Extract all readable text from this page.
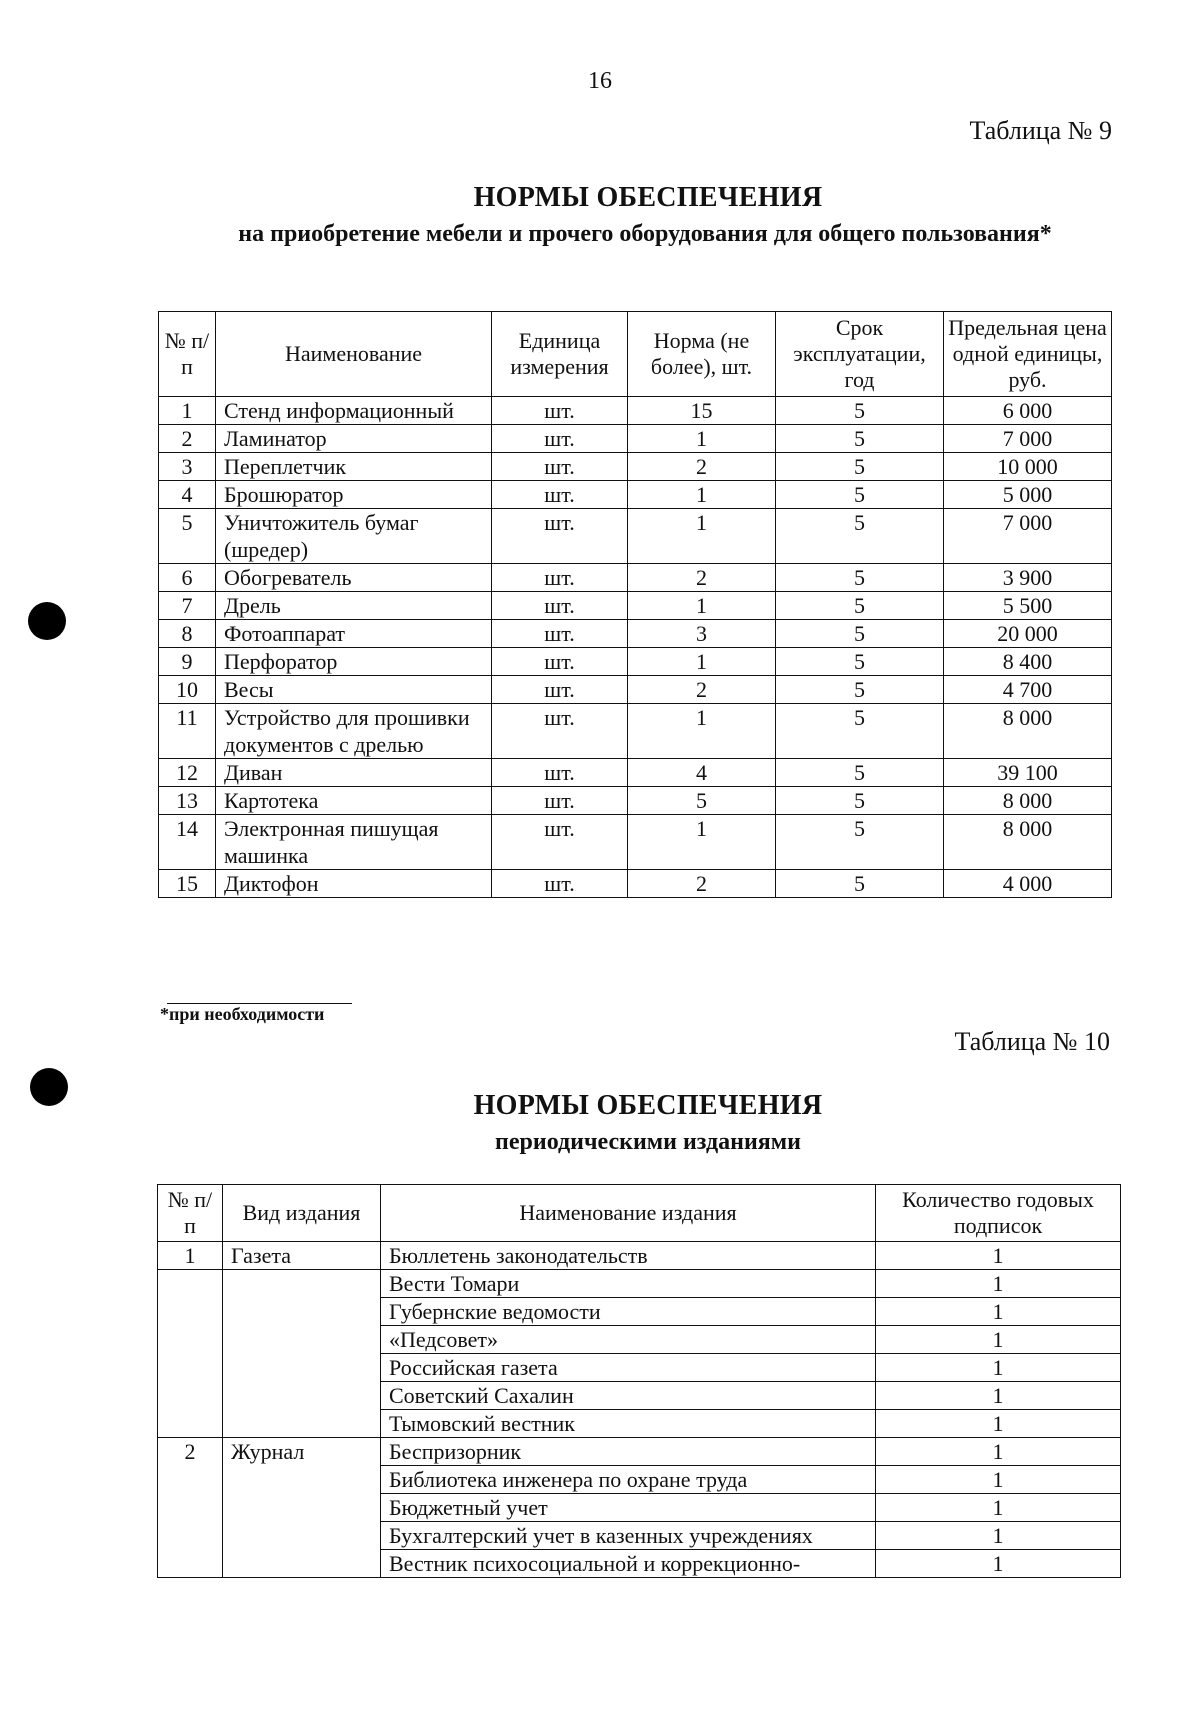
16
Таблица № 9
НОРМЫ ОБЕСПЕЧЕНИЯ
на приобретение мебели и прочего оборудования для общего пользования*
№ п/п	Наименование	Единица измерения	Норма (не более), шт.	Срок эксплуатации, год	Предельная цена одной единицы, руб.
1	Стенд информационный	шт.	15	5	6 000
2	Ламинатор	шт.	1	5	7 000
3	Переплетчик	шт.	2	5	10 000
4	Брошюратор	шт.	1	5	5 000
5	Уничтожитель бумаг (шредер)	шт.	1	5	7 000
6	Обогреватель	шт.	2	5	3 900
7	Дрель	шт.	1	5	5 500
8	Фотоаппарат	шт.	3	5	20 000
9	Перфоратор	шт.	1	5	8 400
10	Весы	шт.	2	5	4 700
11	Устройство для прошивки документов с дрелью	шт.	1	5	8 000
12	Диван	шт.	4	5	39 100
13	Картотека	шт.	5	5	8 000
14	Электронная пишущая машинка	шт.	1	5	8 000
15	Диктофон	шт.	2	5	4 000
*при необходимости
Таблица № 10
НОРМЫ ОБЕСПЕЧЕНИЯ
периодическими изданиями
№ п/п	Вид издания	Наименование издания	Количество годовых подписок
1	Газета	Бюллетень законодательств	1
		Вести Томари	1
		Губернские ведомости	1
		«Педсовет»	1
		Российская газета	1
		Советский Сахалин	1
		Тымовский вестник	1
2	Журнал	Беспризорник	1
		Библиотека инженера по охране труда	1
		Бюджетный учет	1
		Бухгалтерский учет в казенных учреждениях	1
		Вестник психосоциальной и коррекционно-	1
